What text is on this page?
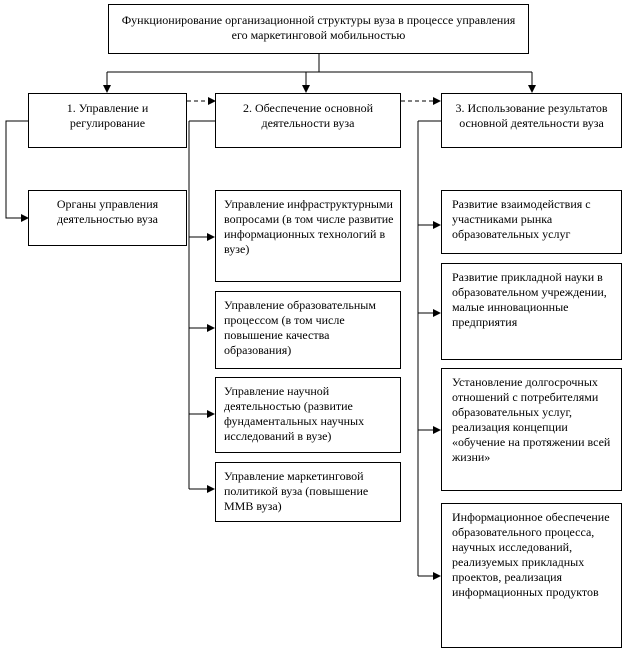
Функционирование организационной структуры вуза в процессе управления его маркетинговой мобильностью
1. Управление и регулирование
2. Обеспечение основной деятельности вуза
3. Использование результатов основной деятельности вуза
Органы управления деятельностью вуза
Управление инфраструктурными вопросами (в том числе развитие информационных технологий в вузе)
Управление образовательным процессом (в том числе повышение качества образования)
Управление научной деятельностью (развитие фундаментальных научных исследований в вузе)
Управление маркетинговой политикой вуза (повышение ММВ вуза)
Развитие взаимодействия с участниками рынка образовательных услуг
Развитие прикладной науки в образовательном учреждении, малые инновационные предприятия
Установление долгосрочных отношений с потребителями образовательных услуг, реализация концепции «обучение на протяжении всей жизни»
Информационное обеспечение образовательного процесса, научных исследований, реализуемых прикладных проектов, реализация информационных продуктов
